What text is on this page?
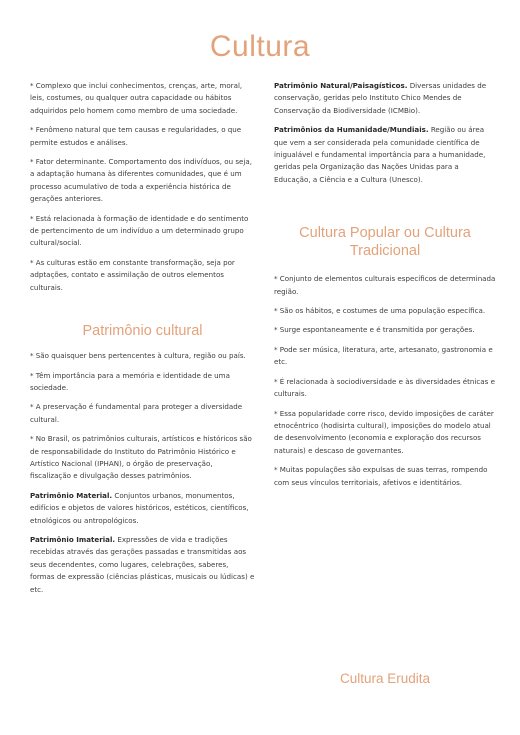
Cultura

* Complexo que inclui conhecimentos, crenças, arte, moral, leis, costumes, ou qualquer outra capacidade ou hábitos adquiridos pelo homem como membro de uma sociedade.

* Fenômeno natural que tem causas e regularidades, o que permite estudos e análises.

* Fator determinante. Comportamento dos indivíduos, ou seja, a adaptação humana às diferentes comunidades, que é um processo acumulativo de toda a experiência histórica de gerações anteriores.

* Está relacionada à formação de identidade e do sentimento de pertencimento de um indivíduo a um determinado grupo cultural/social.

* As culturas estão em constante transformação, seja por adptações, contato e assimilação de outros elementos culturais.

Patrimônio cultural

* São quaisquer bens pertencentes à cultura, região ou país.

* Têm importância para a memória e identidade de uma sociedade.

* A preservação é fundamental para proteger a diversidade cultural.

* No Brasil, os patrimônios culturais, artísticos e históricos são de responsabilidade do Instituto do Patrimônio Histórico e Artístico Nacional (IPHAN), o órgão de preservação, fiscalização e divulgação desses patrimônios.

Patrimônio Material. Conjuntos urbanos, monumentos, edifícios e objetos de valores históricos, estéticos, científicos, etnológicos ou antropológicos.

Patrimônio Imaterial. Expressões de vida e tradições recebidas através das gerações passadas e transmitidas aos seus decendentes, como lugares, celebrações, saberes, formas de expressão (ciências plásticas, musicais ou lúdicas) e etc.

Patrimônio Natural/Paisagísticos. Diversas unidades de conservação, geridas pelo Instituto Chico Mendes de Conservação da Biodiversidade (ICMBio).

Patrimônios da Humanidade/Mundiais. Região ou área que vem a ser considerada pela comunidade científica de inigualável e fundamental importância para a humanidade, geridas pela Organização das Nações Unidas para a Educação, a Ciência e a Cultura (Unesco).

Cultura Popular ou Cultura Tradicional

* Conjunto de elementos culturais específicos de determinada região.

* São os hábitos, e costumes de uma população específica.

* Surge espontaneamente e é transmitida por gerações.

* Pode ser música, literatura, arte, artesanato, gastronomia e etc.

* É relacionada à sociodiversidade e às diversidades étnicas e culturais.

* Essa popularidade corre risco, devido imposições de caráter etnocêntrico (hodisirta cultural), imposições do modelo atual de desenvolvimento (economia e exploração dos recursos naturais) e descaso de governantes.

* Muitas populações são expulsas de suas terras, rompendo com seus vínculos territoriais, afetivos e identitários.

Cultura Erudita
